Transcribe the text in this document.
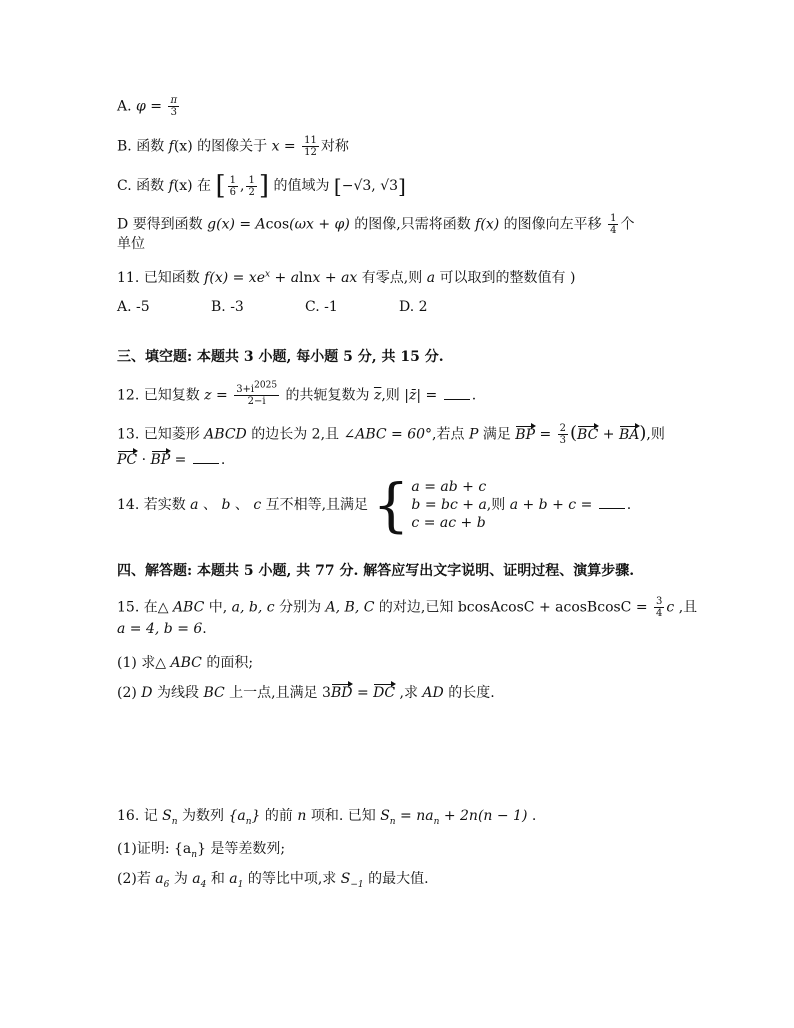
A. $\varphi = \frac{\pi}{3}$
B. 函数 f(x) 的图像关于 $x = \frac{11}{12}$ 对称
C. 函数 f(x) 在 [ $\frac{1}{6}$ , $\frac{1}{2}$ ] 的值域为 [−√3, √3]
D 要得到函数 g(x) = Acos(ωx + φ) 的图像,只需将函数 f(x) 的图像向左平移 $\frac{1}{4}$ 个
单位
11. 已知函数 $f(x) = xe^x + alnx$ + ax 有零点,则 a 可以取到的整数值有 )
A. -5	B. -3	C. -1	D. 2
三、填空题: 本题共 3 小题, 每小题 5 分, 共 15 分.
12. 已知复数 $z = \frac{3+i^{2025}}{2-i}$ 的共轭复数为 $\overline{z}$,则 |z̄| = .
13. 已知菱形 ABCD 的边长为 2,且 ∠ABC = 60°,若点 P 满足 BP = $\frac{2}{3} (BC + BA)$,则
PC · BP = .
14. 若实数 a 、 b 、 c 互不相等,且满足 { a = ab + c
b = bc + a
c = ac + b
,则 a + b + c = .
四、解答题: 本题共 5 小题, 共 77 分. 解答应写出文字说明、证明过程、演算步骤.
15. 在△ ABC 中, a, b, c 分别为 A, B, C 的对边,已知 bcosAcosC + acosBcosC = $\frac{3}{4}$ c ,且
a = 4, b = 6.
(1) 求△ ABC 的面积;
(2) D 为线段 BC 上一点,且满足 3BD = DC ,求 AD 的长度.
16. 记 $S_n$ 为数列 $\{a_n\}$ 的前 n 项和. 已知 $S_n = na_n + 2n(n - 1)$ .
(1)证明: $\{a_n\}$ 是等差数列;
(2)若 $a_6$ 为 $a_4$ 和 $a_1$ 的等比中项,求 $S_{-1}$ 的最大值.
